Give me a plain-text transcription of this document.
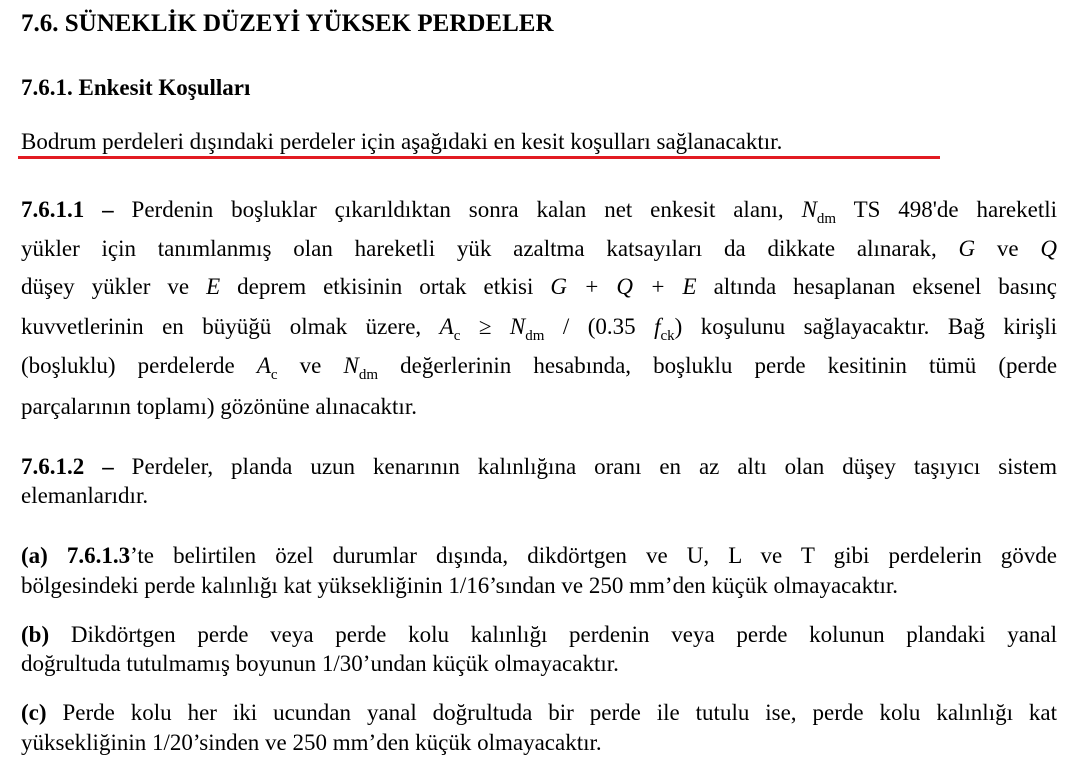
7.6. SÜNEKLİK DÜZEYİ YÜKSEK PERDELER

7.6.1. Enkesit Koşulları

Bodrum perdeleri dışındaki perdeler için aşağıdaki en kesit koşulları sağlanacaktır.

7.6.1.1 – Perdenin boşluklar çıkarıldıktan sonra kalan net enkesit alanı, $N_{dm}$ TS 498'de hareketli

yükler için tanımlanmış olan hareketli yük azaltma katsayıları da dikkate alınarak, G ve Q

düşey yükler ve E deprem etkisinin ortak etkisi G + Q + E altında hesaplanan eksenel basınç

kuvvetlerinin en büyüğü olmak üzere, $A_c \ge N_{dm} / (0.35$ $f_{ck}$) koşulunu sağlayacaktır. Bağ kirişli

(boşluklu) perdelerde $A_c$ ve $N_{dm}$ değerlerinin hesabında, boşluklu perde kesitinin tümü (perde

parçalarının toplamı) gözönüne alınacaktır.

7.6.1.2 – Perdeler, planda uzun kenarının kalınlığına oranı en az altı olan düşey taşıyıcı sistem

elemanlarıdır.

(a) 7.6.1.3’te belirtilen özel durumlar dışında, dikdörtgen ve U, L ve T gibi perdelerin gövde

bölgesindeki perde kalınlığı kat yüksekliğinin 1/16’sından ve 250 mm’den küçük olmayacaktır.

(b) Dikdörtgen perde veya perde kolu kalınlığı perdenin veya perde kolunun plandaki yanal

doğrultuda tutulmamış boyunun 1/30’undan küçük olmayacaktır.

(c) Perde kolu her iki ucundan yanal doğrultuda bir perde ile tutulu ise, perde kolu kalınlığı kat

yüksekliğinin 1/20’sinden ve 250 mm’den küçük olmayacaktır.
